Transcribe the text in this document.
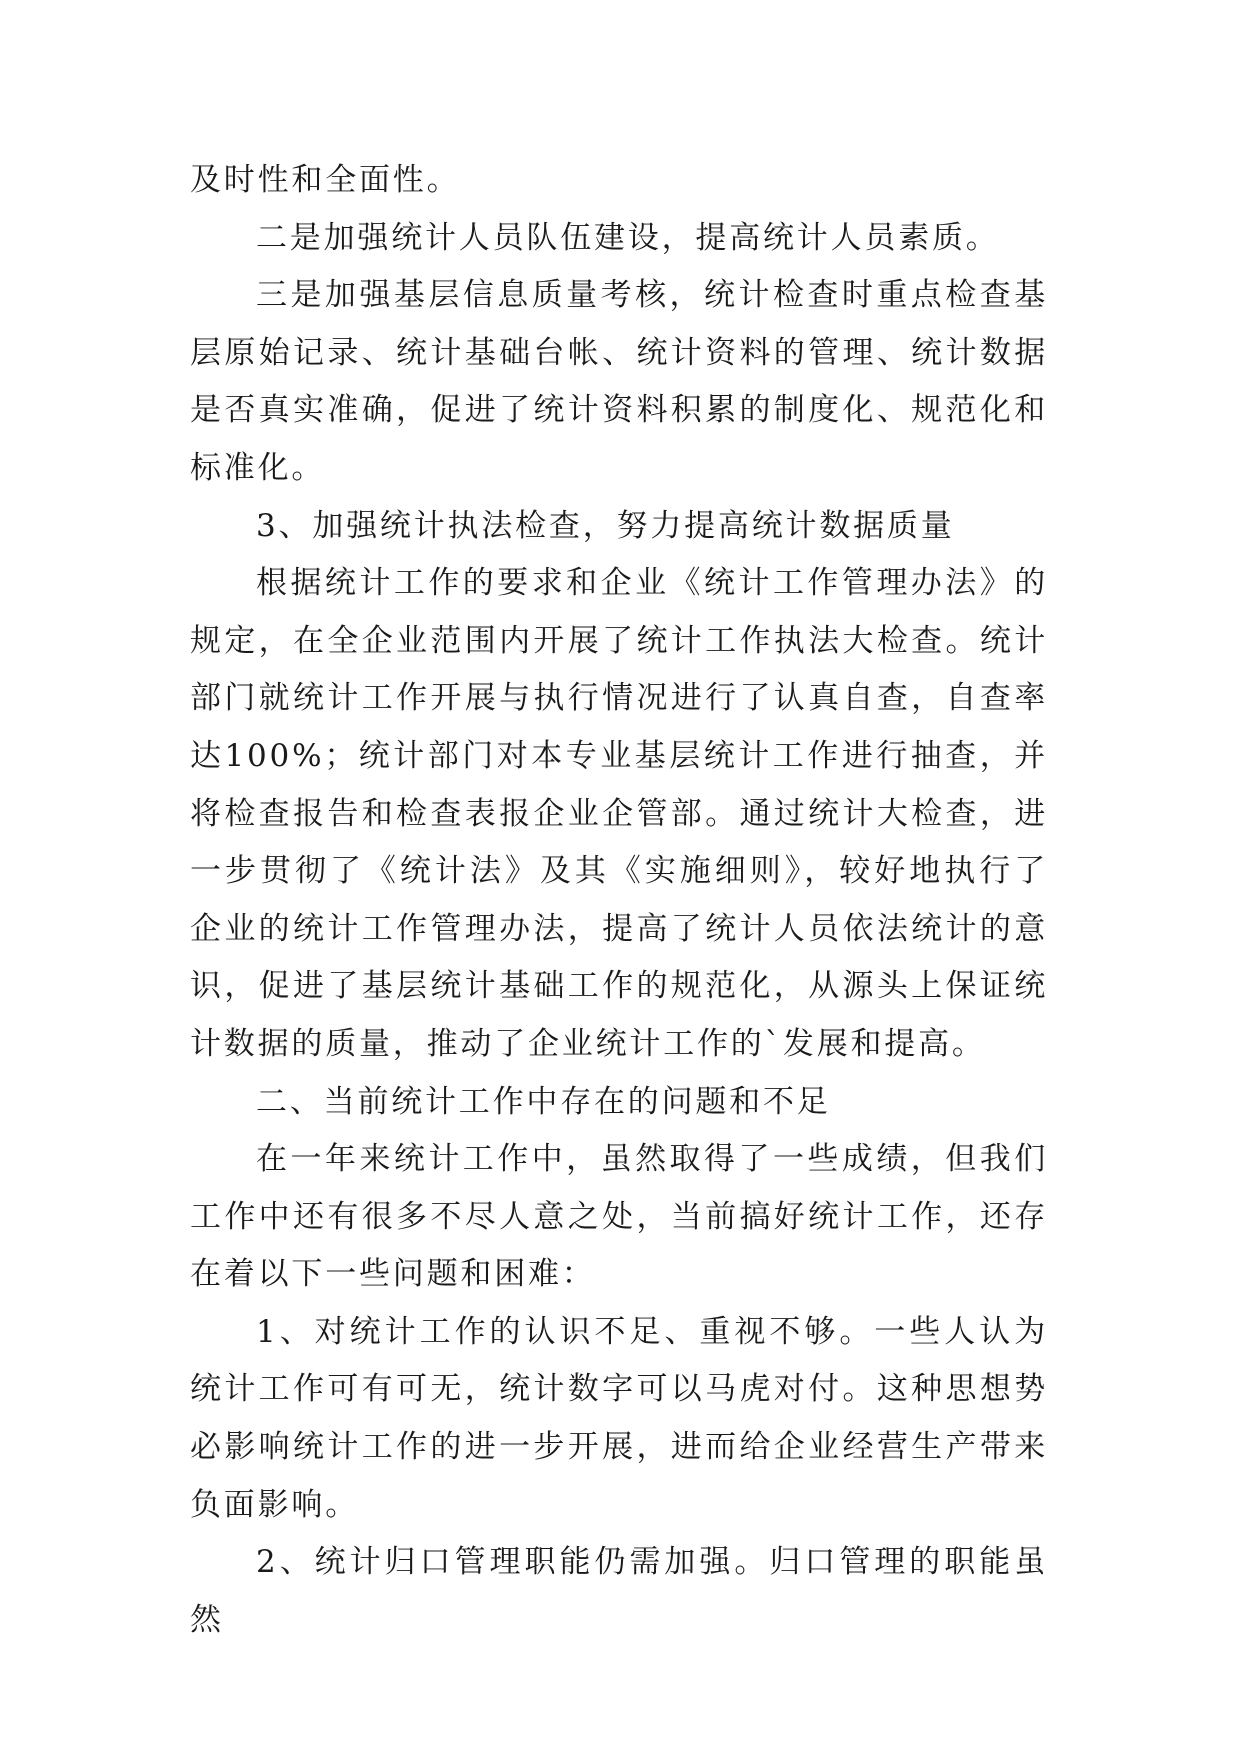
及时性和全面性。

二是加强统计人员队伍建设，提高统计人员素质。

三是加强基层信息质量考核，统计检查时重点检查基层原始记录、统计基础台帐、统计资料的管理、统计数据是否真实准确，促进了统计资料积累的制度化、规范化和标准化。

3、加强统计执法检查，努力提高统计数据质量

根据统计工作的要求和企业《统计工作管理办法》的规定，在全企业范围内开展了统计工作执法大检查。统计部门就统计工作开展与执行情况进行了认真自查，自查率达100%；统计部门对本专业基层统计工作进行抽查，并将检查报告和检查表报企业企管部。通过统计大检查，进一步贯彻了《统计法》及其《实施细则》，较好地执行了企业的统计工作管理办法，提高了统计人员依法统计的意识，促进了基层统计基础工作的规范化，从源头上保证统计数据的质量，推动了企业统计工作的`发展和提高。

二、当前统计工作中存在的问题和不足

在一年来统计工作中，虽然取得了一些成绩，但我们工作中还有很多不尽人意之处，当前搞好统计工作，还存在着以下一些问题和困难：

1、对统计工作的认识不足、重视不够。一些人认为统计工作可有可无，统计数字可以马虎对付。这种思想势必影响统计工作的进一步开展，进而给企业经营生产带来负面影响。

2、统计归口管理职能仍需加强。归口管理的职能虽然
